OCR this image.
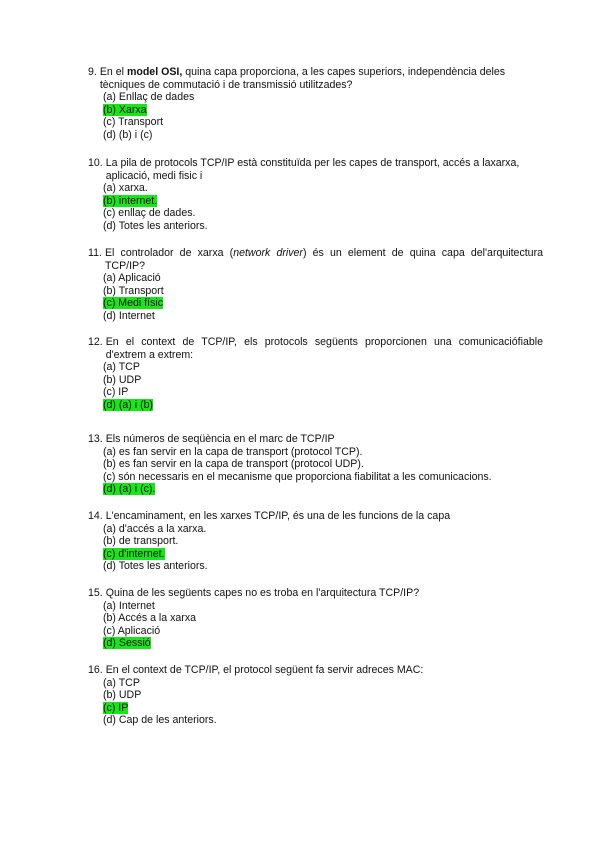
9. En el model OSI, quina capa proporciona, a les capes superiors, independència deles tècniques de commutació i de transmissió utilitzades?
(a) Enllaç de dades
(b) Xarxa
(c) Transport
(d) (b) i (c)
10. La pila de protocols TCP/IP està constituïda per les capes de transport, accés a laxarxa, aplicació, medi fisic i
(a) xarxa.
(b) internet.
(c) enllaç de dades.
(d) Totes les anteriors.
11. El controlador de xarxa (network driver) és un element de quina capa del'arquitectura TCP/IP?
(a) Aplicació
(b) Transport
(c) Medi físic
(d) Internet
12. En el context de TCP/IP, els protocols següents proporcionen una comunicaciófiable d'extrem a extrem:
(a) TCP
(b) UDP
(c) IP
(d) (a) i (b)
13. Els números de seqüència en el marc de TCP/IP
(a) es fan servir en la capa de transport (protocol TCP).
(b) es fan servir en la capa de transport (protocol UDP).
(c) són necessaris en el mecanisme que proporciona fiabilitat a les comunicacions.
(d) (a) i (c).
14. L'encaminament, en les xarxes TCP/IP, és una de les funcions de la capa
(a) d'accés a la xarxa.
(b) de transport.
(c) d'internet.
(d) Totes les anteriors.
15. Quina de les següents capes no es troba en l'arquitectura TCP/IP?
(a) Internet
(b) Accés a la xarxa
(c) Aplicació
(d) Sessió
16. En el context de TCP/IP, el protocol següent fa servir adreces MAC:
(a) TCP
(b) UDP
(c) IP
(d) Cap de les anteriors.
